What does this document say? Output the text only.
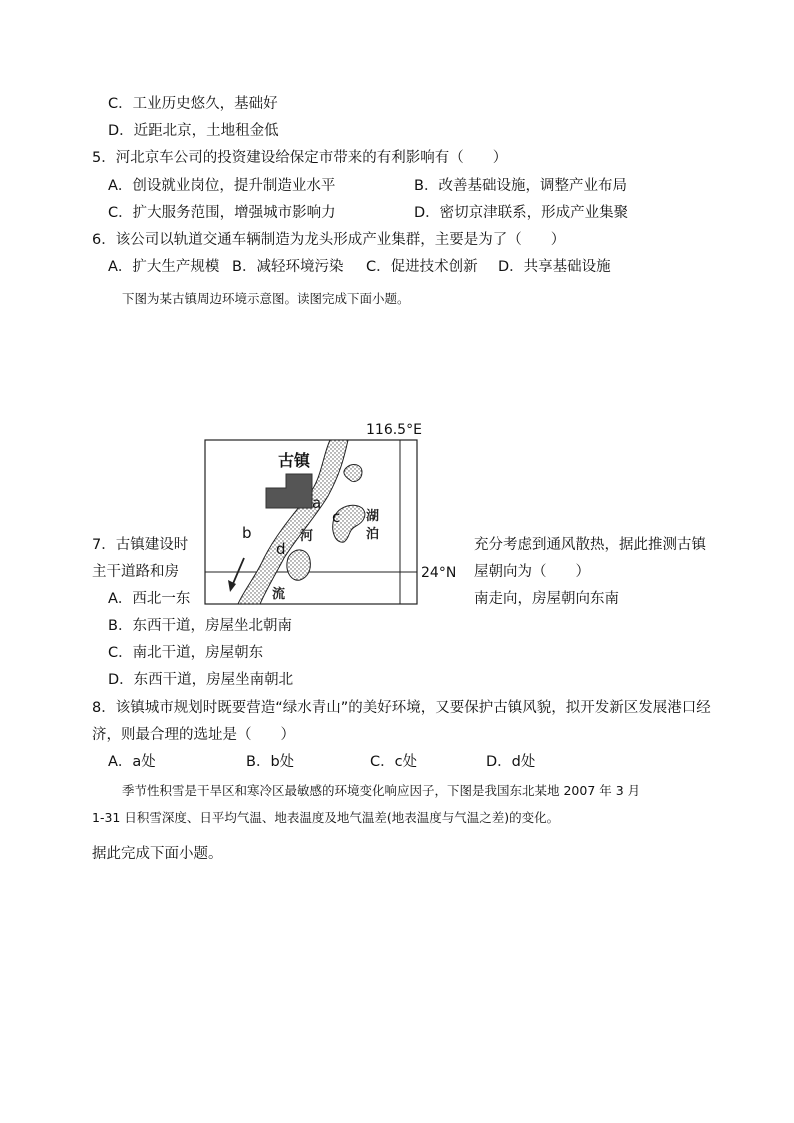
C．工业历史悠久，基础好
D．近距北京，土地租金低
5．河北京车公司的投资建设给保定市带来的有利影响有（　　）
A．创设就业岗位，提升制造业水平	B．改善基础设施，调整产业布局
C．扩大服务范围，增强城市影响力	D．密切京津联系，形成产业集聚
6．该公司以轨道交通车辆制造为龙头形成产业集群，主要是为了（　　）
A．扩大生产规模 B．减轻环境污染 C．促进技术创新 D．共享基础设施
下图为某古镇周边环境示意图。读图完成下面小题。
116.5°E
24°N
古镇
湖
泊
河
流
a
b
c
d
7．古镇建设时	充分考虑到通风散热，据此推测古镇
主干道路和房	屋朝向为（　　）
A．西北一东	南走向，房屋朝向东南
B．东西干道，房屋坐北朝南
C．南北干道，房屋朝东
D．东西干道，房屋坐南朝北
8．该镇城市规划时既要营造“绿水青山”的美好环境，又要保护古镇风貌，拟开发新区发展港口经
济，则最合理的选址是（　　）
A．a处	B．b处	C．c处	D．d处
季节性积雪是干旱区和寒冷区最敏感的环境变化响应因子，下图是我国东北某地 2007 年 3 月
1-31 日积雪深度、日平均气温、地表温度及地气温差(地表温度与气温之差)的变化。
据此完成下面小题。
